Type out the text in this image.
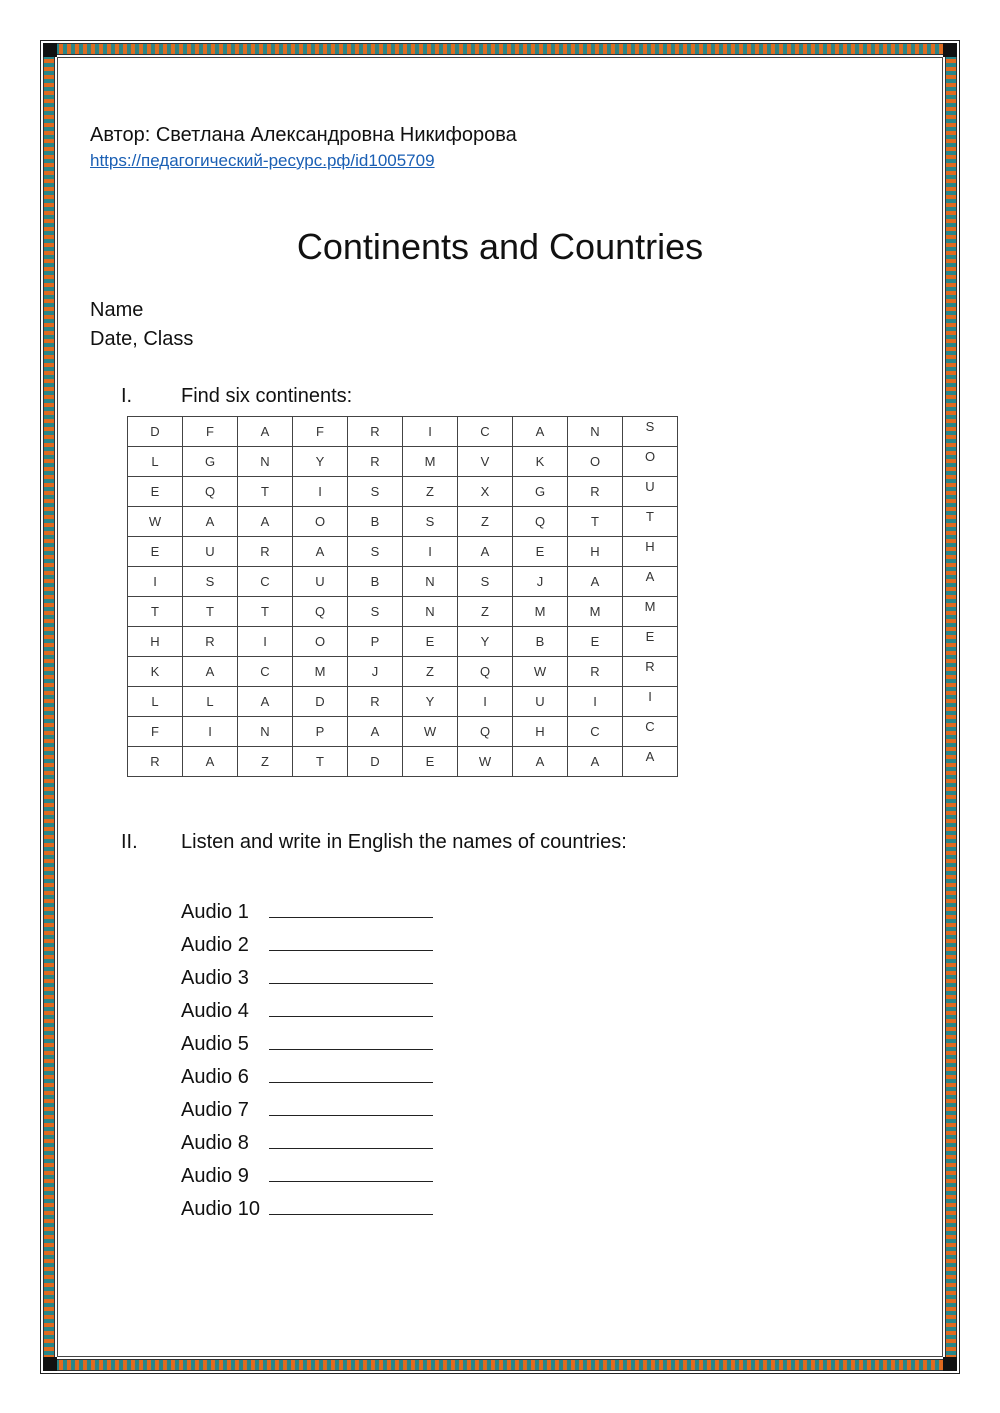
Автор: Светлана Александровна Никифорова
https://педагогический-ресурс.рф/id1005709
Continents and Countries
Name
Date, Class
I. Find six continents:
D	F	A	F	R	I	C	A	N	S
L	G	N	Y	R	M	V	K	O	O
E	Q	T	I	S	Z	X	G	R	U
W	A	A	O	B	S	Z	Q	T	T
E	U	R	A	S	I	A	E	H	H
I	S	C	U	B	N	S	J	A	A
T	T	T	Q	S	N	Z	M	M	M
H	R	I	O	P	E	Y	B	E	E
K	A	C	M	J	Z	Q	W	R	R
L	L	A	D	R	Y	I	U	I	I
F	I	N	P	A	W	Q	H	C	C
R	A	Z	T	D	E	W	A	A	A
II. Listen and write in English the names of countries:
Audio 1
Audio 2
Audio 3
Audio 4
Audio 5
Audio 6
Audio 7
Audio 8
Audio 9
Audio 10
